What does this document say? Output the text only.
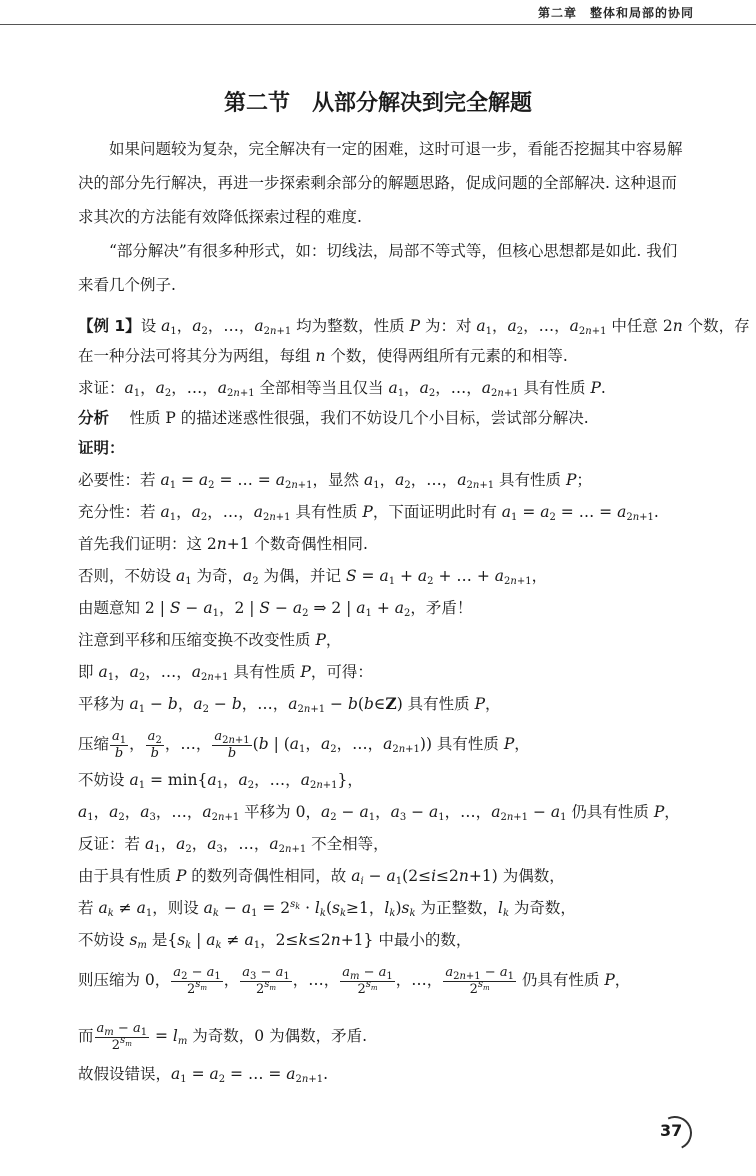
第二章　整体和局部的协同
第二节　从部分解决到完全解题

如果问题较为复杂，完全解决有一定的困难，这时可退一步，看能否挖掘其中容易解决的部分先行解决，再进一步探索剩余部分的解题思路，促成问题的全部解决. 这种退而求其次的方法能有效降低探索过程的难度.

“部分解决”有很多种形式，如：切线法，局部不等式等，但核心思想都是如此. 我们来看几个例子.

【例 1】设 $a_1$，$a_2$，…，$a_{2n+1}$ 均为整数，性质 P 为：对 $a_1$，$a_2$，…，$a_{2n+1}$ 中任意 2n 个数，存
在一种分法可将其分为两组，每组 n 个数，使得两组所有元素的和相等.
求证：$a_1$，$a_2$，…，$a_{2n+1}$ 全部相等当且仅当 $a_1$，$a_2$，…，$a_{2n+1}$ 具有性质 P.
分析　 性质 P 的描述迷惑性很强，我们不妨设几个小目标，尝试部分解决.
证明：
必要性：若 $a_1 = a_2$ = … = $a_{2n+1}$，显然 $a_1$，$a_2$，…，$a_{2n+1}$ 具有性质 P；
充分性：若 $a_1$，$a_2$，…，$a_{2n+1}$ 具有性质 P，下面证明此时有 $a_1 = a_2$ = … = $a_{2n+1}$.
首先我们证明：这 2n+1 个数奇偶性相同.
否则，不妨设 $a_1$ 为奇，$a_2$ 为偶，并记 $S = a_1 + a_2$ + … + $a_{2n+1}$，
由题意知 2 | $S - a_1$，2 | $S - a_2$ ⇒ 2 | $a_1 + a_2$，矛盾！
注意到平移和压缩变换不改变性质 P，
即 $a_1$，$a_2$，…，$a_{2n+1}$ 具有性质 P，可得：
平移为 $a_1 - b$，$a_2 - b$，…，$a_{2n+1}$ − b(b∈Z) 具有性质 P，
压缩 $\frac{a_1}{b}$ ， $\frac{a_2}{b}$ ，…， $\frac{a_{2n+1}}{b} (b$ | ($a_1$，$a_2$，…，$a_{2n+1}$)) 具有性质 P，
不妨设 $a_1 = \min\{a_1$，$a_2$，…，$a_{2n+1}$}，
$a_1$，$a_2$，$a_3$，…，$a_{2n+1}$ 平移为 0，$a_2 - a_1$，$a_3 - a_1$，…，$a_{2n+1} - a_1$ 仍具有性质 P，
反证：若 $a_1$，$a_2$，$a_3$，…，$a_{2n+1}$ 不全相等，
由于具有性质 P 的数列奇偶性相同，故 $a_i - a_1(2\le i\le 2n+1)$ 为偶数，
若 $a_k \ne a_1$，则设 $a_k - a_1 = 2^{s_k} \cdot l_k(s_k\ge 1$，$l_k)s_k$ 为正整数，$l_k$ 为奇数，
不妨设 $s_m$ 是{$s_k$ | $a_k \ne a_1$，2≤k≤2n+1} 中最小的数，
则压缩为 0， $\frac{a_2 - a_1}{2^{s_m}}$ ， $\frac{a_3 - a_1}{2^{s_m}}$ ，…， $\frac{a_m - a_1}{2^{s_m}}$ ，…， $\frac{a_{2n+1} - a_1}{2^{s_m}}$ 仍具有性质 P，
而 $\frac{a_m - a_1}{2^{s_m}} = l_m$ 为奇数，0 为偶数，矛盾.
故假设错误，$a_1 = a_2$ = … = $a_{2n+1}$.
37
